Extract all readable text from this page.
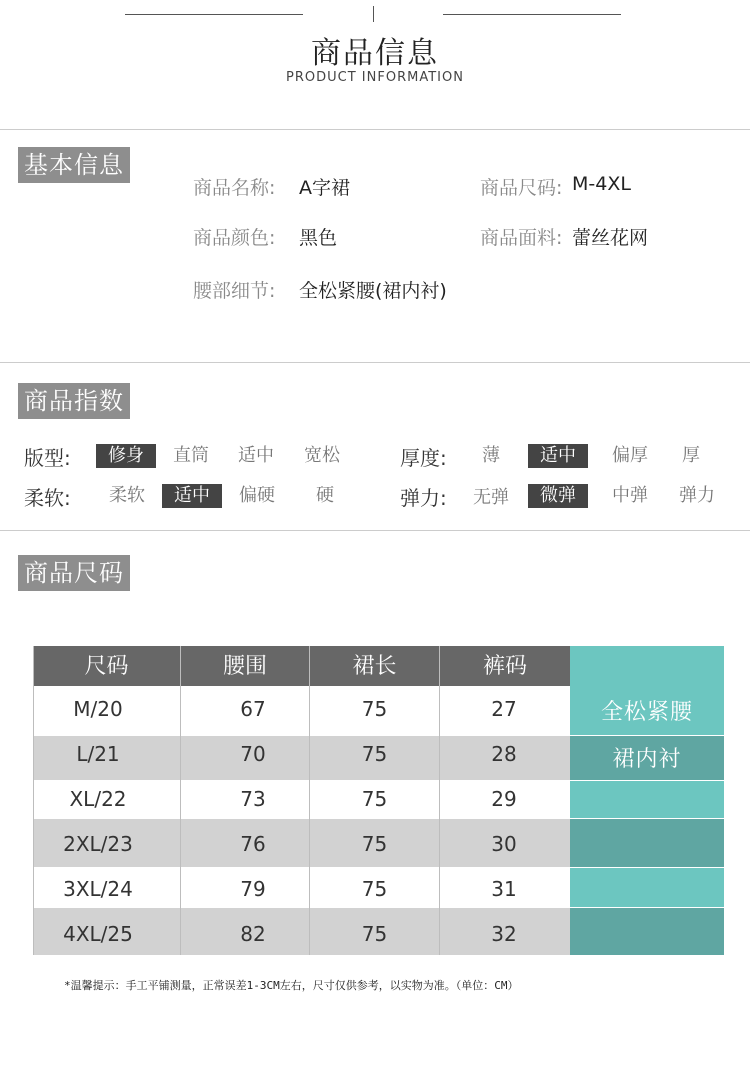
商品信息
PRODUCT INFORMATION
基本信息
商品名称: A字裙	商品尺码: M-4XL
商品颜色: 黑色	商品面料: 蕾丝花网
腰部细节: 全松紧腰(裙内衬)
商品指数
版型:	修身	直筒	适中	宽松	厚度:	薄	适中	偏厚	厚
柔软:	柔软	适中	偏硬	硬	弹力:	无弹	微弹	中弹	弹力
商品尺码
尺码	腰围	裙长	裤码
全松紧腰
裙内衬
M/20	67	75	27
L/21	70	75	28
XL/22	73	75	29
2XL/23	76	75	30
3XL/24	79	75	31
4XL/25	82	75	32
*温馨提示：手工平铺测量，正常误差1-3CM左右，尺寸仅供参考，以实物为准。（单位：CM）
